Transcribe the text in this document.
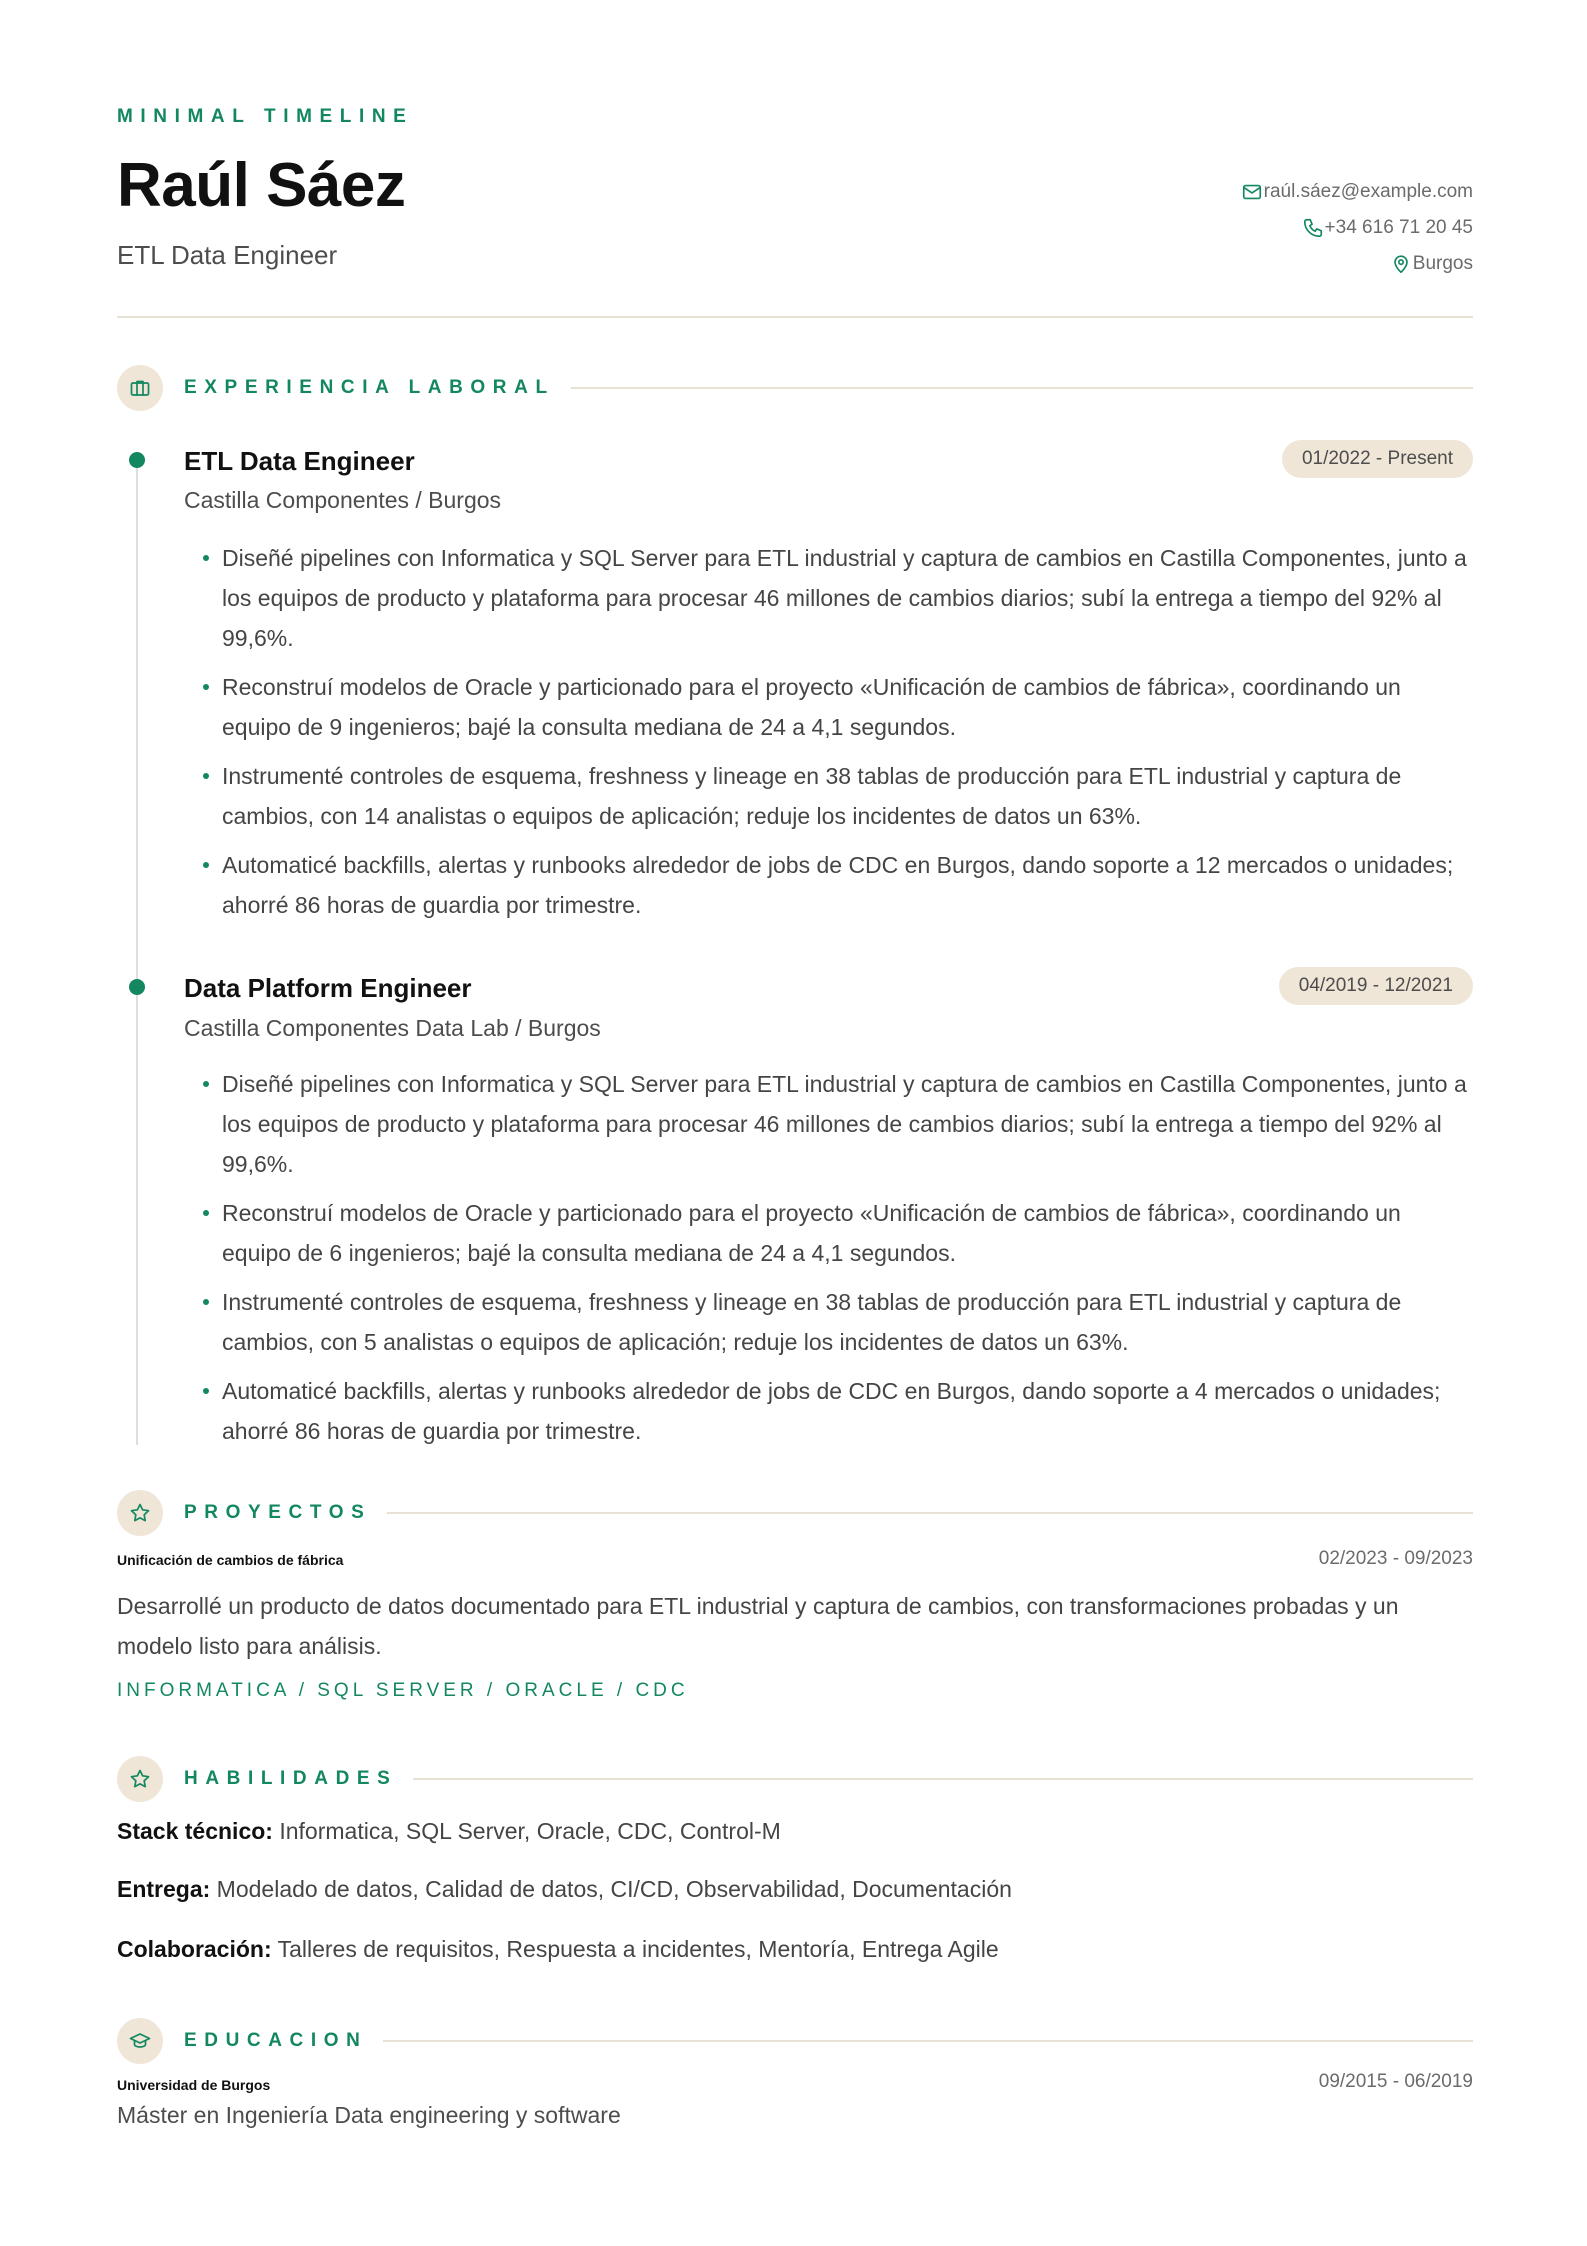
MINIMAL TIMELINE
Raúl Sáez
ETL Data Engineer
raúl.sáez@example.com
+34 616 71 20 45
Burgos
EXPERIENCIA LABORAL
ETL Data Engineer
Castilla Componentes / Burgos
01/2022 - Present
Diseñé pipelines con Informatica y SQL Server para ETL industrial y captura de cambios en Castilla Componentes, junto a los equipos de producto y plataforma para procesar 46 millones de cambios diarios; subí la entrega a tiempo del 92% al 99,6%.
Reconstruí modelos de Oracle y particionado para el proyecto «Unificación de cambios de fábrica», coordinando un equipo de 9 ingenieros; bajé la consulta mediana de 24 a 4,1 segundos.
Instrumenté controles de esquema, freshness y lineage en 38 tablas de producción para ETL industrial y captura de cambios, con 14 analistas o equipos de aplicación; reduje los incidentes de datos un 63%.
Automaticé backfills, alertas y runbooks alrededor de jobs de CDC en Burgos, dando soporte a 12 mercados o unidades; ahorré 86 horas de guardia por trimestre.
Data Platform Engineer
Castilla Componentes Data Lab / Burgos
04/2019 - 12/2021
Diseñé pipelines con Informatica y SQL Server para ETL industrial y captura de cambios en Castilla Componentes, junto a los equipos de producto y plataforma para procesar 46 millones de cambios diarios; subí la entrega a tiempo del 92% al 99,6%.
Reconstruí modelos de Oracle y particionado para el proyecto «Unificación de cambios de fábrica», coordinando un equipo de 6 ingenieros; bajé la consulta mediana de 24 a 4,1 segundos.
Instrumenté controles de esquema, freshness y lineage en 38 tablas de producción para ETL industrial y captura de cambios, con 5 analistas o equipos de aplicación; reduje los incidentes de datos un 63%.
Automaticé backfills, alertas y runbooks alrededor de jobs de CDC en Burgos, dando soporte a 4 mercados o unidades; ahorré 86 horas de guardia por trimestre.
PROYECTOS
Unificación de cambios de fábrica	02/2023 - 09/2023
Desarrollé un producto de datos documentado para ETL industrial y captura de cambios, con transformaciones probadas y un modelo listo para análisis.
INFORMATICA / SQL SERVER / ORACLE / CDC
HABILIDADES
Stack técnico: Informatica, SQL Server, Oracle, CDC, Control-M
Entrega: Modelado de datos, Calidad de datos, CI/CD, Observabilidad, Documentación
Colaboración: Talleres de requisitos, Respuesta a incidentes, Mentoría, Entrega Agile
EDUCACION
Universidad de Burgos	09/2015 - 06/2019
Máster en Ingeniería Data engineering y software
